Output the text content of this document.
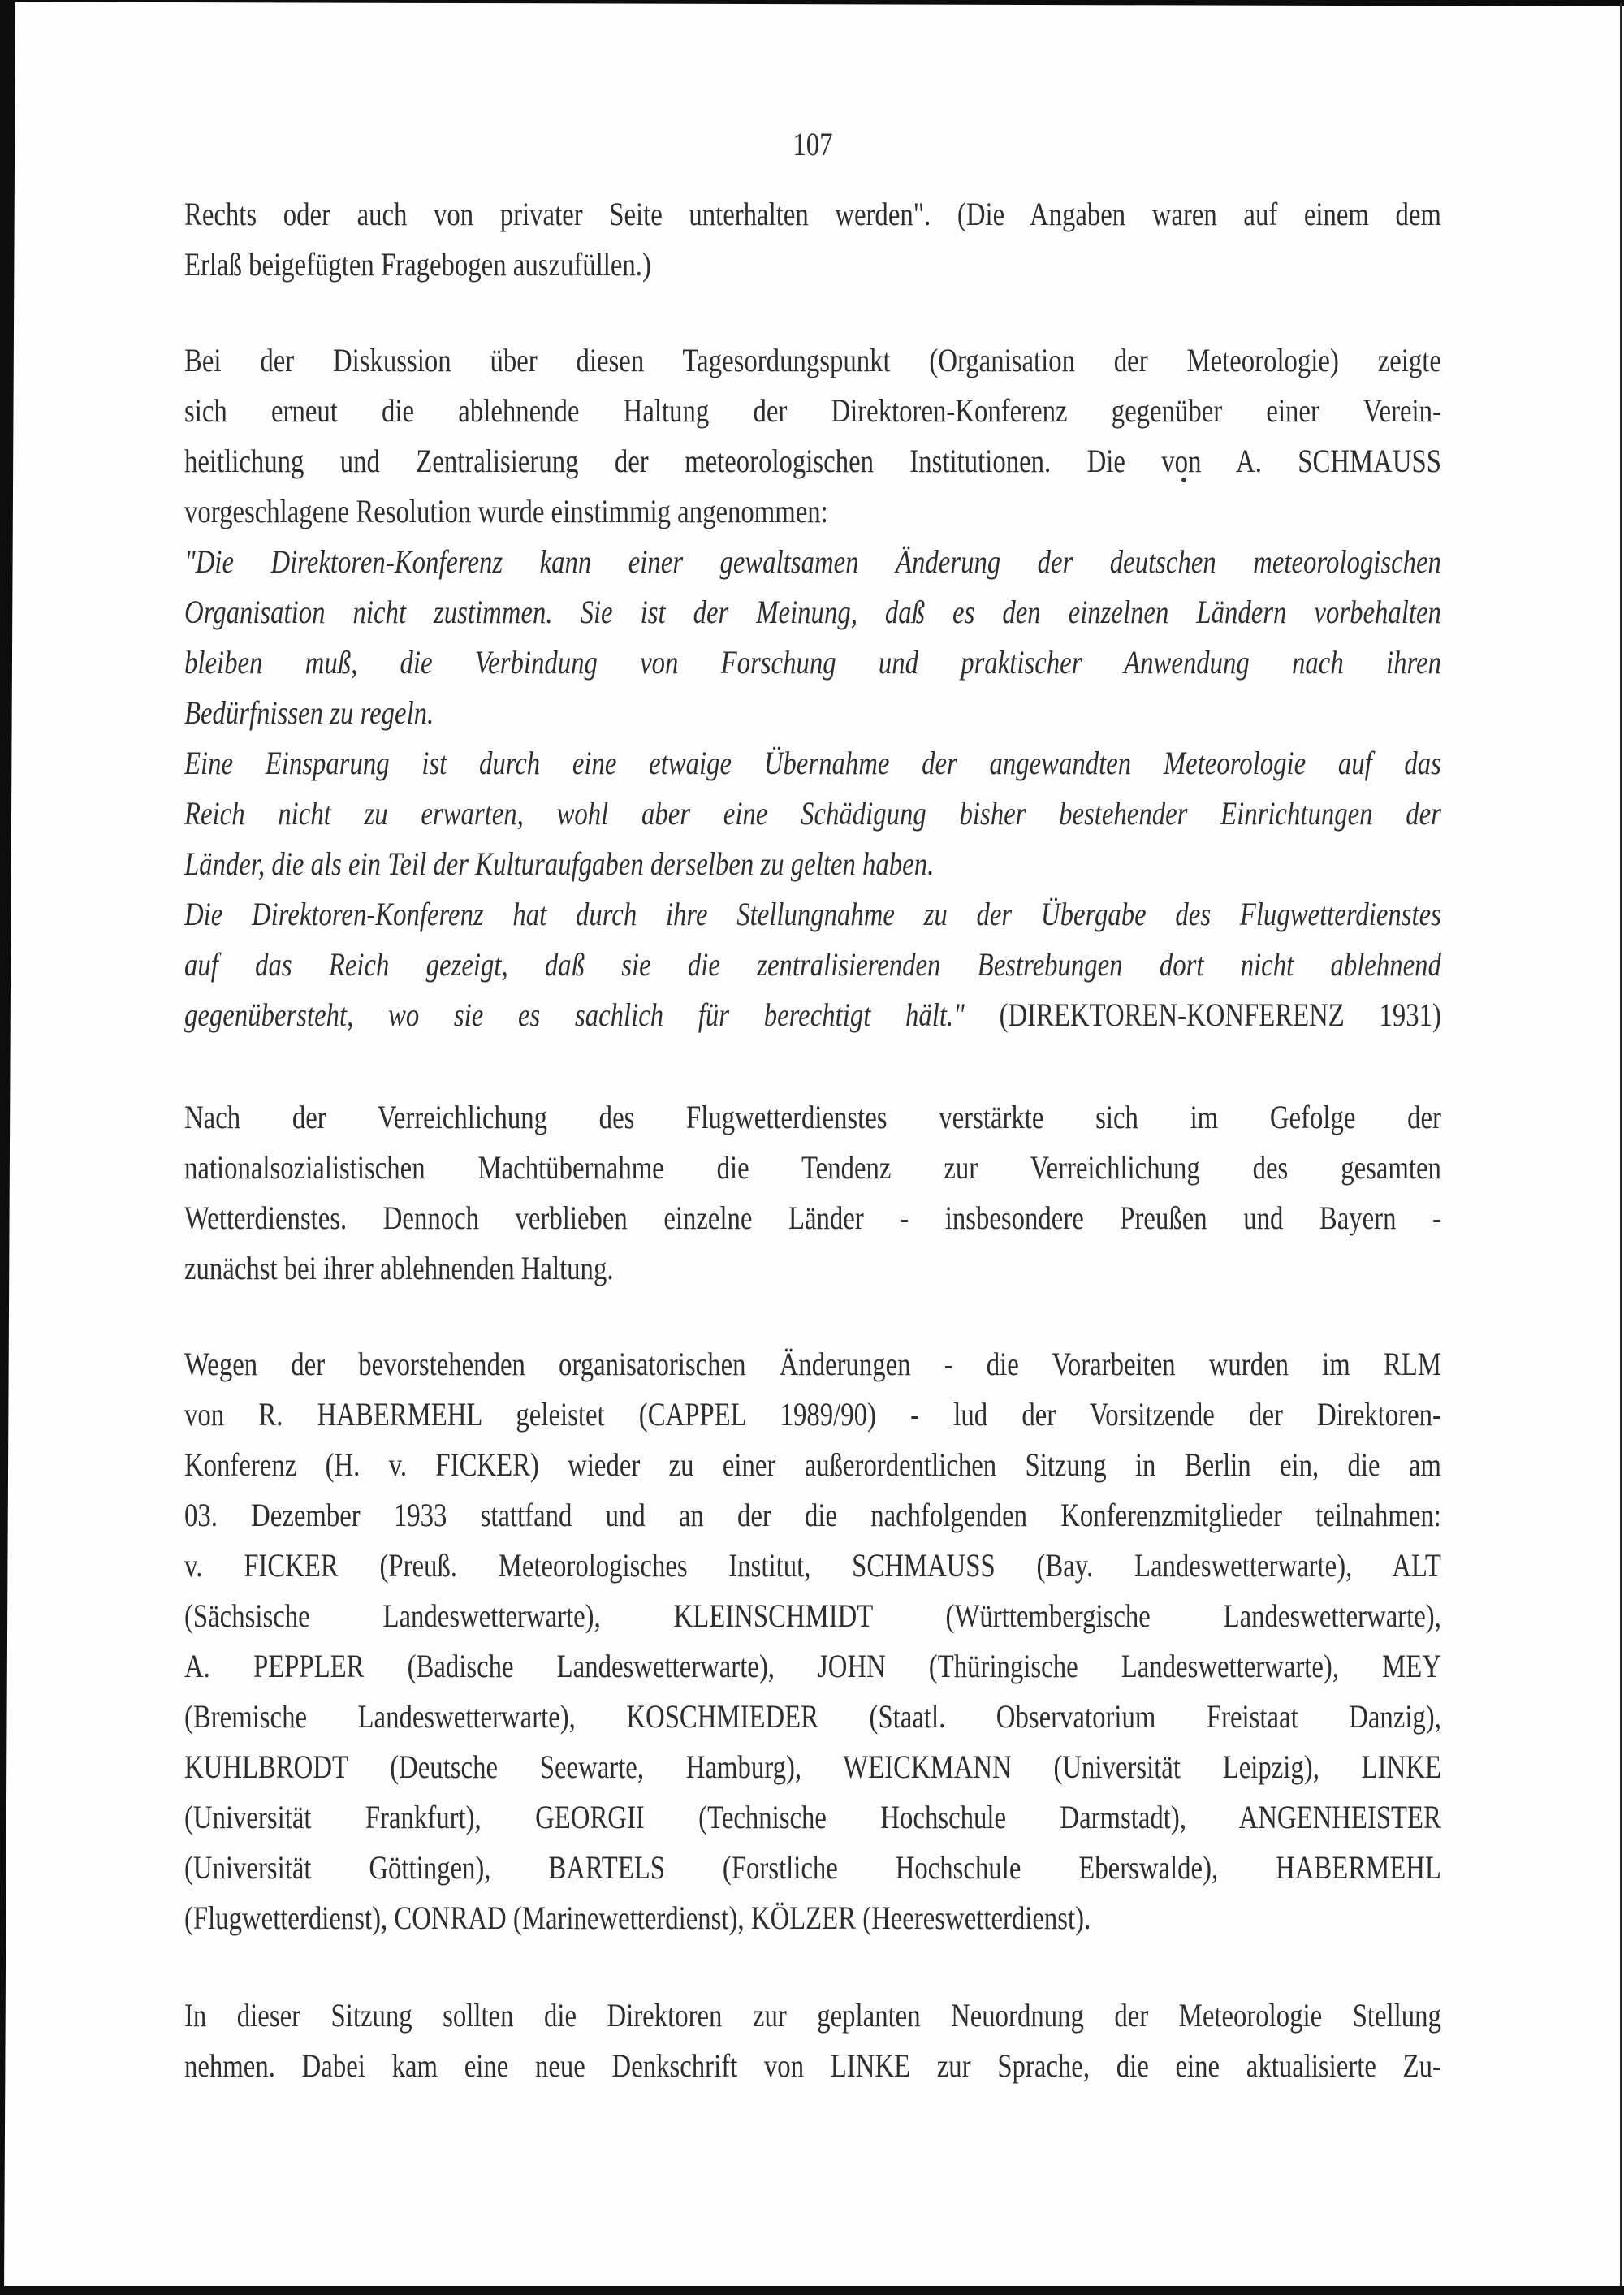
107
Rechts oder auch von privater Seite unterhalten werden". (Die Angaben waren auf einem dem
Erlaß beigefügten Fragebogen auszufüllen.)
Bei der Diskussion über diesen Tagesordungspunkt (Organisation der Meteorologie) zeigte
sich erneut die ablehnende Haltung der Direktoren-Konferenz gegenüber einer Verein-
heitlichung und Zentralisierung der meteorologischen Institutionen. Die von A. SCHMAUSS
vorgeschlagene Resolution wurde einstimmig angenommen:
"Die Direktoren-Konferenz kann einer gewaltsamen Änderung der deutschen meteorologischen
Organisation nicht zustimmen. Sie ist der Meinung, daß es den einzelnen Ländern vorbehalten
bleiben muß, die Verbindung von Forschung und praktischer Anwendung nach ihren
Bedürfnissen zu regeln.
Eine Einsparung ist durch eine etwaige Übernahme der angewandten Meteorologie auf das
Reich nicht zu erwarten, wohl aber eine Schädigung bisher bestehender Einrichtungen der
Länder, die als ein Teil der Kulturaufgaben derselben zu gelten haben.
Die Direktoren-Konferenz hat durch ihre Stellungnahme zu der Übergabe des Flugwetterdienstes
auf das Reich gezeigt, daß sie die zentralisierenden Bestrebungen dort nicht ablehnend
gegenübersteht, wo sie es sachlich für berechtigt hält." (DIREKTOREN-KONFERENZ 1931)
Nach der Verreichlichung des Flugwetterdienstes verstärkte sich im Gefolge der
nationalsozialistischen Machtübernahme die Tendenz zur Verreichlichung des gesamten
Wetterdienstes. Dennoch verblieben einzelne Länder - insbesondere Preußen und Bayern -
zunächst bei ihrer ablehnenden Haltung.
Wegen der bevorstehenden organisatorischen Änderungen - die Vorarbeiten wurden im RLM
von R. HABERMEHL geleistet (CAPPEL 1989/90) - lud der Vorsitzende der Direktoren-
Konferenz (H. v. FICKER) wieder zu einer außerordentlichen Sitzung in Berlin ein, die am
03. Dezember 1933 stattfand und an der die nachfolgenden Konferenzmitglieder teilnahmen:
v. FICKER (Preuß. Meteorologisches Institut, SCHMAUSS (Bay. Landeswetterwarte), ALT
(Sächsische Landeswetterwarte), KLEINSCHMIDT (Württembergische Landeswetterwarte),
A. PEPPLER (Badische Landeswetterwarte), JOHN (Thüringische Landeswetterwarte), MEY
(Bremische Landeswetterwarte), KOSCHMIEDER (Staatl. Observatorium Freistaat Danzig),
KUHLBRODT (Deutsche Seewarte, Hamburg), WEICKMANN (Universität Leipzig), LINKE
(Universität Frankfurt), GEORGII (Technische Hochschule Darmstadt), ANGENHEISTER
(Universität Göttingen), BARTELS (Forstliche Hochschule Eberswalde), HABERMEHL
(Flugwetterdienst), CONRAD (Marinewetterdienst), KÖLZER (Heereswetterdienst).
In dieser Sitzung sollten die Direktoren zur geplanten Neuordnung der Meteorologie Stellung
nehmen. Dabei kam eine neue Denkschrift von LINKE zur Sprache, die eine aktualisierte Zu-
